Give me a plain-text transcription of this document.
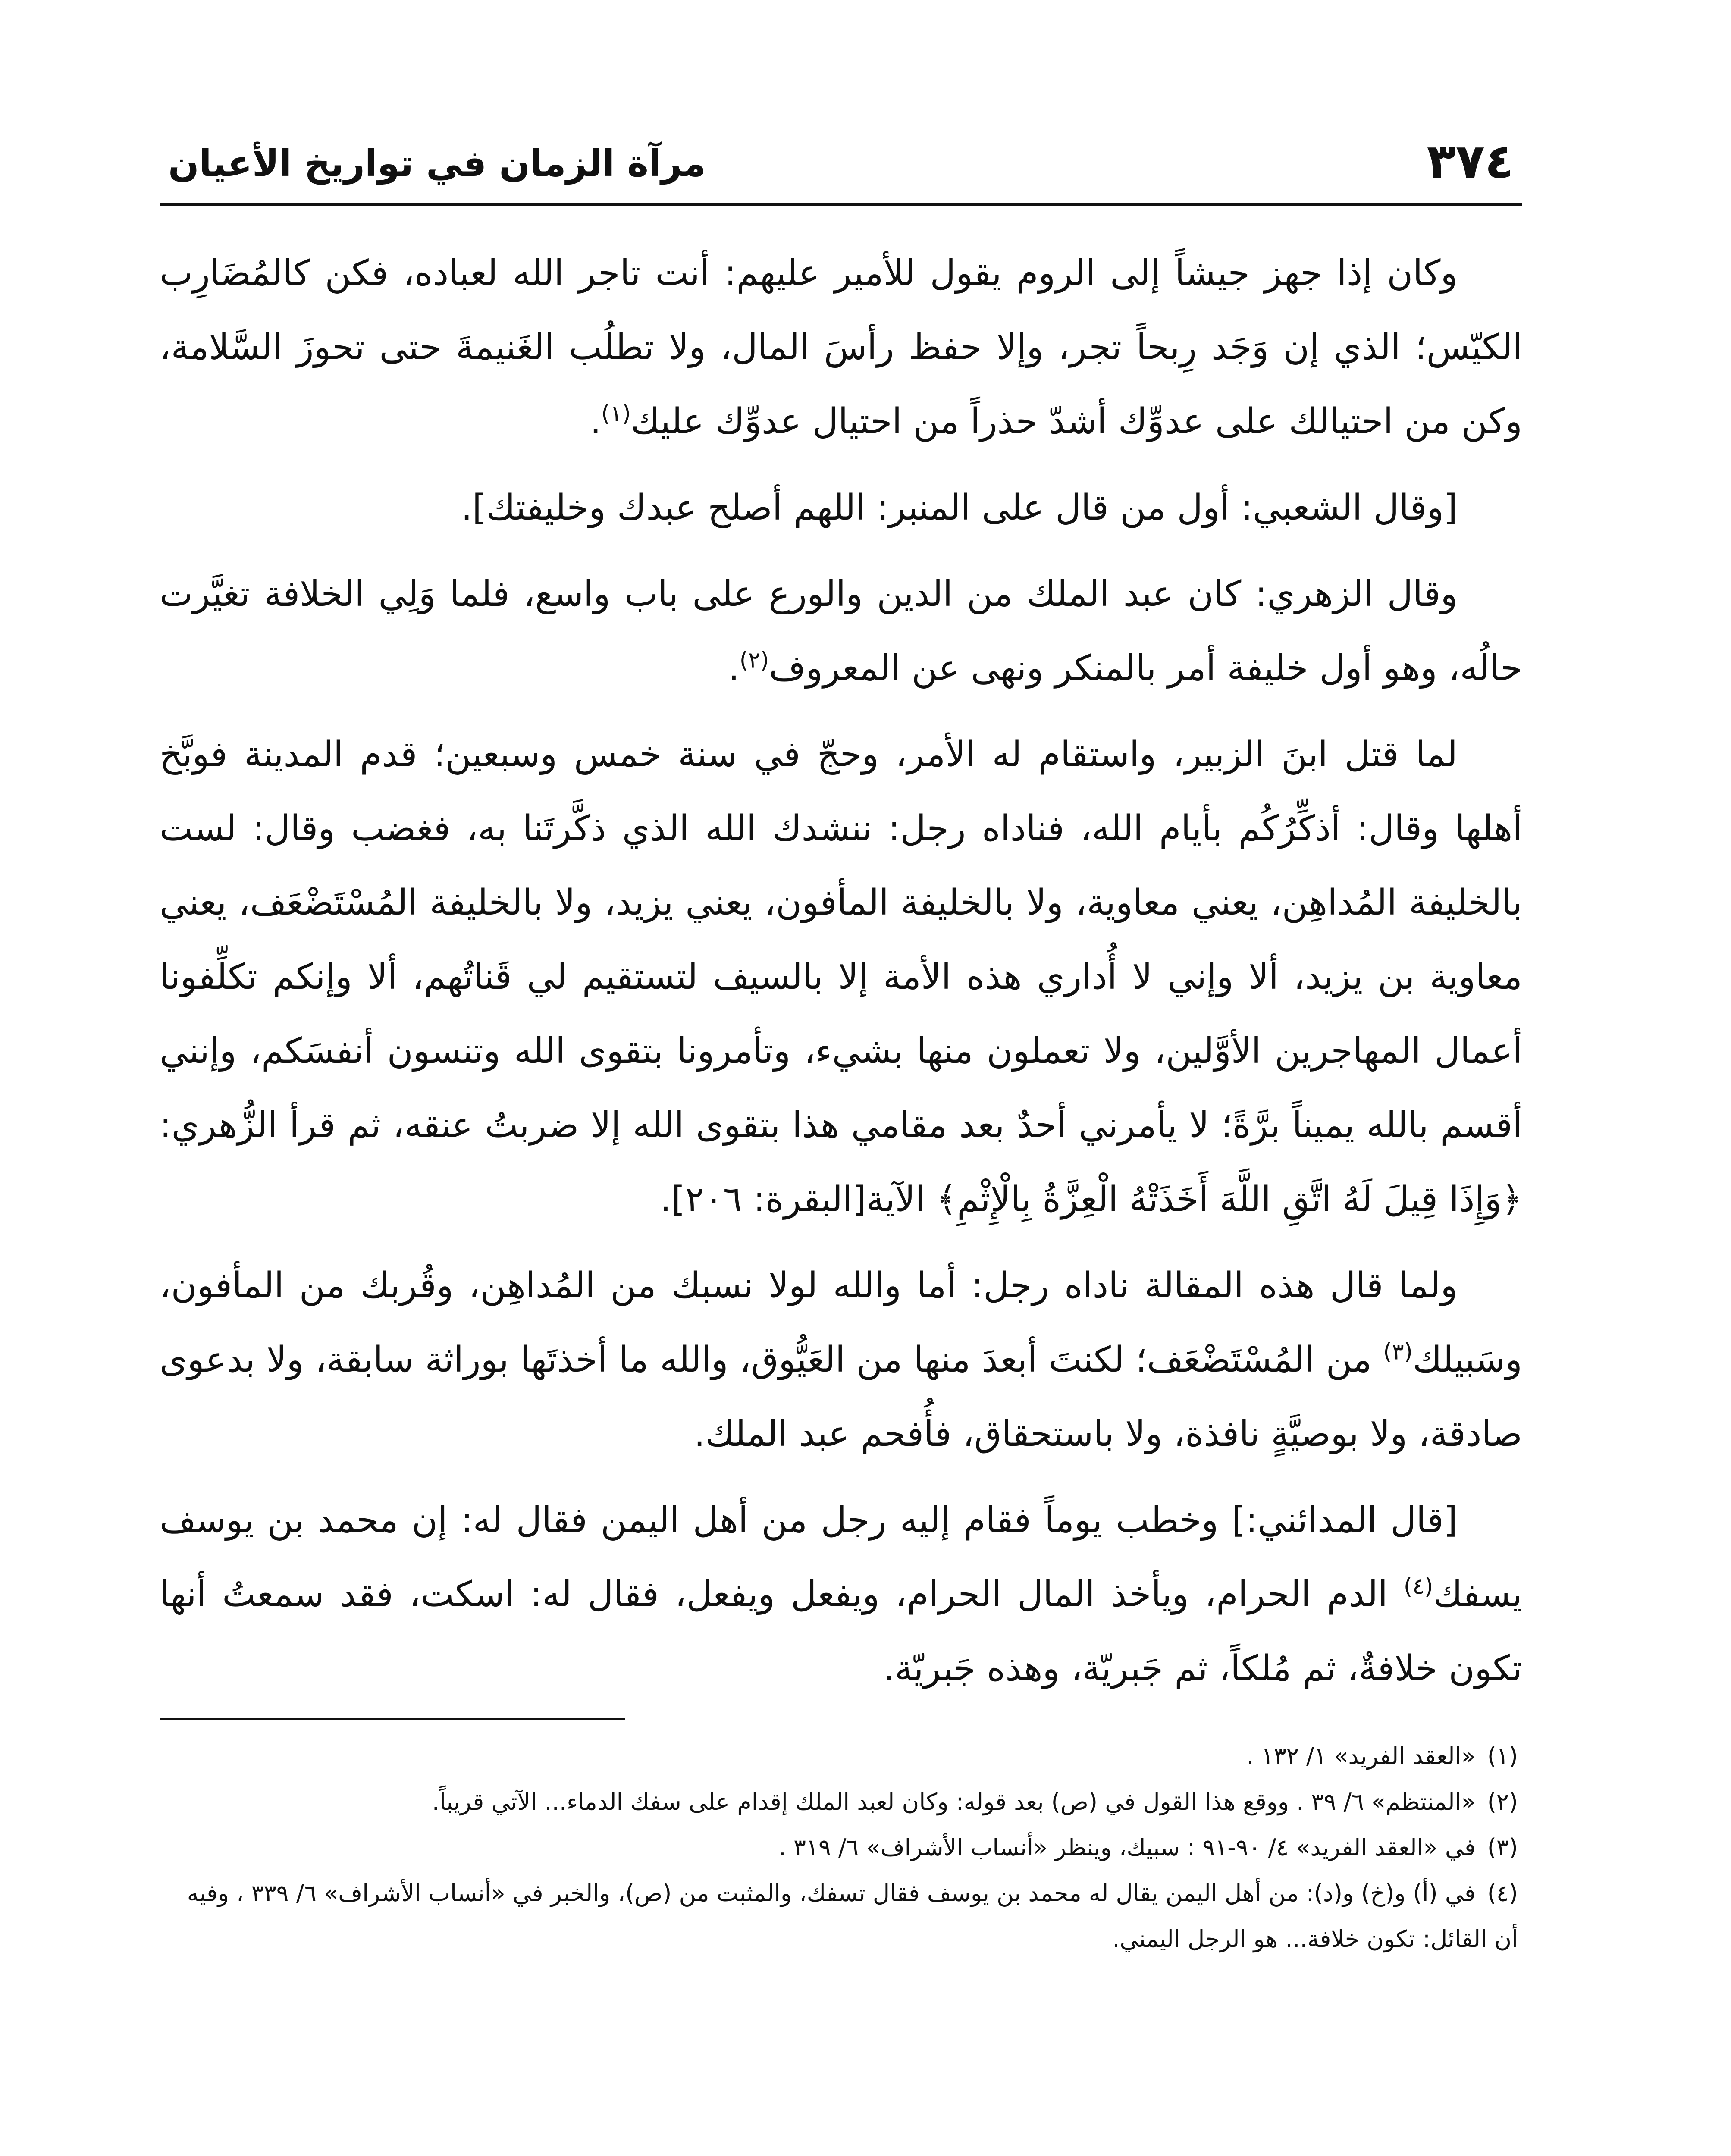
٣٧٤
مرآة الزمان في تواريخ الأعيان

وكان إذا جهز جيشاً إلى الروم يقول للأمير عليهم: أنت تاجر الله لعباده، فكن كالمُضَارِب الكيّس؛ الذي إن وَجَد رِبحاً تجر، وإلا حفظ رأسَ المال، ولا تطلُب الغَنيمةَ حتى تحوزَ السَّلامة، وكن من احتيالك على عدوِّك أشدّ حذراً من احتيال عدوِّك عليك$^{(١)}$.

[وقال الشعبي: أول من قال على المنبر: اللهم أصلح عبدك وخليفتك].

وقال الزهري: كان عبد الملك من الدين والورع على باب واسع، فلما وَلِي الخلافة تغيَّرت حالُه، وهو أول خليفة أمر بالمنكر ونهى عن المعروف$^{(٢)}$.

لما قتل ابنَ الزبير، واستقام له الأمر، وحجّ في سنة خمس وسبعين؛ قدم المدينة فوبَّخ أهلها وقال: أذكِّرُكُم بأيام الله، فناداه رجل: ننشدك الله الذي ذكَّرتَنا به، فغضب وقال: لست بالخليفة المُداهِن، يعني معاوية، ولا بالخليفة المأفون، يعني يزيد، ولا بالخليفة المُسْتَضْعَف، يعني معاوية بن يزيد، ألا وإني لا أُداري هذه الأمة إلا بالسيف لتستقيم لي قَناتُهم، ألا وإنكم تكلِّفونا أعمال المهاجرين الأوَّلين، ولا تعملون منها بشيء، وتأمرونا بتقوى الله وتنسون أنفسَكم، وإنني أقسم بالله يميناً برَّةً؛ لا يأمرني أحدٌ بعد مقامي هذا بتقوى الله إلا ضربتُ عنقه، ثم قرأ الزُّهري: ﴿وَإِذَا قِيلَ لَهُ اتَّقِ اللَّهَ أَخَذَتْهُ الْعِزَّةُ بِالْإِثْمِ﴾ الآية[البقرة: ٢٠٦].

ولما قال هذه المقالة ناداه رجل: أما والله لولا نسبك من المُداهِن، وقُربك من المأفون، وسَبيلك$^{(٣)}$ من المُسْتَضْعَف؛ لكنتَ أبعدَ منها من العَيُّوق، والله ما أخذتَها بوراثة سابقة، ولا بدعوى صادقة، ولا بوصيَّةٍ نافذة، ولا باستحقاق، فأُفحم عبد الملك.

[قال المدائني:] وخطب يوماً فقام إليه رجل من أهل اليمن فقال له: إن محمد بن يوسف يسفك$^{(٤)}$ الدم الحرام، ويأخذ المال الحرام، ويفعل ويفعل، فقال له: اسكت، فقد سمعتُ أنها تكون خلافةٌ، ثم مُلكاً، ثم جَبريّة، وهذه جَبريّة.

(١) «العقد الفريد» ١/ ١٣٢ .

(٢) «المنتظم» ٦/ ٣٩ . ووقع هذا القول في (ص) بعد قوله: وكان لعبد الملك إقدام على سفك الدماء... الآتي قريباً.

(٣) في «العقد الفريد» ٤/ ٩٠-٩١ : سبيك، وينظر «أنساب الأشراف» ٦/ ٣١٩ .

(٤) في (أ) و(خ) و(د): من أهل اليمن يقال له محمد بن يوسف فقال تسفك، والمثبت من (ص)، والخبر في «أنساب الأشراف» ٦/ ٣٣٩ ، وفيه أن القائل: تكون خلافة... هو الرجل اليمني.
